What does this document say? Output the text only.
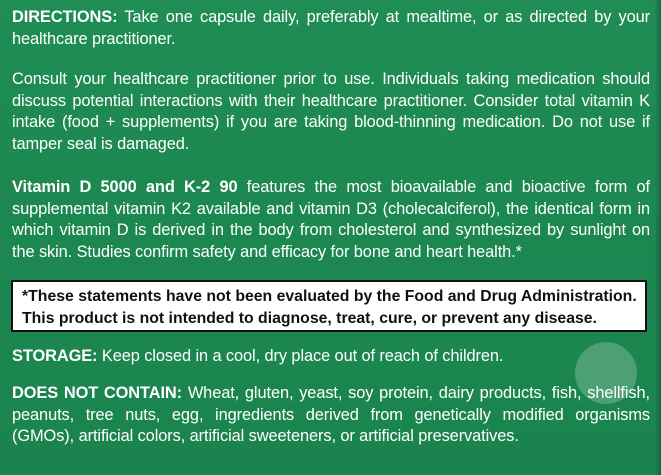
DIRECTIONS: Take one capsule daily, preferably at mealtime, or as directed by your healthcare practitioner.
Consult your healthcare practitioner prior to use. Individuals taking medication should discuss potential interactions with their healthcare practitioner. Consider total vitamin K intake (food + supplements) if you are taking blood-thinning medication. Do not use if tamper seal is damaged.
Vitamin D 5000 and K-2 90 features the most bioavailable and bioactive form of supplemental vitamin K2 available and vitamin D3 (cholecalciferol), the identical form in which vitamin D is derived in the body from cholesterol and synthesized by sunlight on the skin. Studies confirm safety and efficacy for bone and heart health.*
*These statements have not been evaluated by the Food and Drug Administration.
This product is not intended to diagnose, treat, cure, or prevent any disease.
STORAGE: Keep closed in a cool, dry place out of reach of children.
DOES NOT CONTAIN: Wheat, gluten, yeast, soy protein, dairy products, fish, shellfish, peanuts, tree nuts, egg, ingredients derived from genetically modified organisms (GMOs), artificial colors, artificial sweeteners, or artificial preservatives.
